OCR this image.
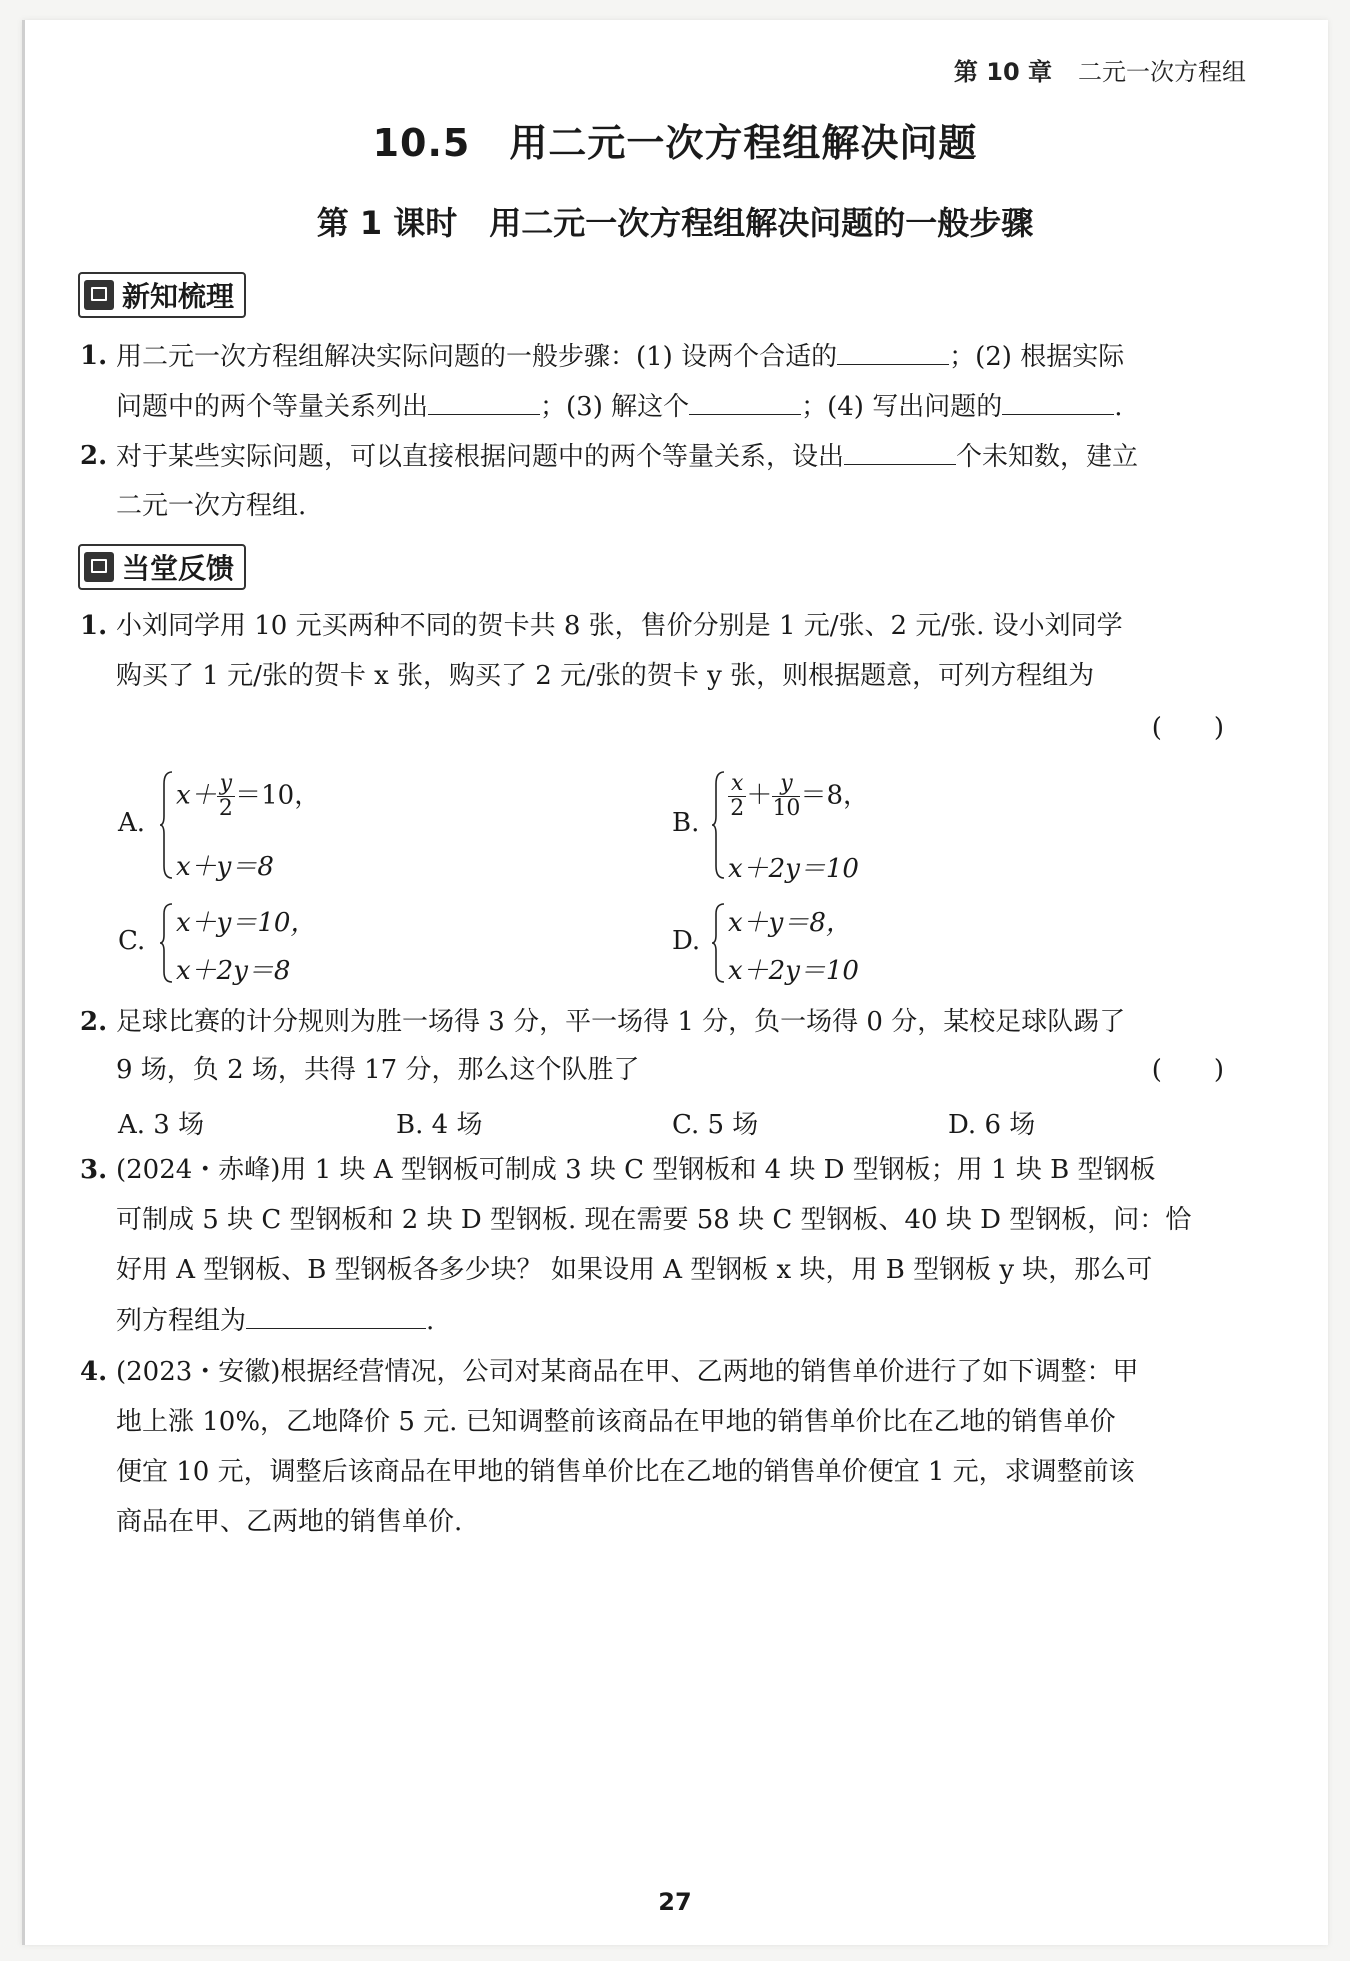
第 10 章 二元一次方程组
10.5　用二元一次方程组解决问题
第 1 课时　用二元一次方程组解决问题的一般步骤
新知梳理
1. 用二元一次方程组解决实际问题的一般步骤：(1) 设两个合适的	；(2) 根据实际
问题中的两个等量关系列出	；(3) 解这个	；(4) 写出问题的	.
2. 对于某些实际问题，可以直接根据问题中的两个等量关系，设出	个未知数，建立
二元一次方程组.
当堂反馈
1. 小刘同学用 10 元买两种不同的贺卡共 8 张，售价分别是 1 元/张、2 元/张. 设小刘同学
购买了 1 元/张的贺卡 x 张，购买了 2 元/张的贺卡 y 张，则根据题意，可列方程组为
(　　)
A.
$x+ \frac{y}{2} =10$，
x＋y＝8
B.
$\frac{x}{2} + \frac{y}{10} =8$，
x＋2y＝10
C.
x＋y＝10，
x＋2y＝8
D.
x＋y＝8，
x＋2y＝10
2. 足球比赛的计分规则为胜一场得 3 分，平一场得 1 分，负一场得 0 分，某校足球队踢了
9 场，负 2 场，共得 17 分，那么这个队胜了	(　　)
A. 3 场	B. 4 场	C. 5 场	D. 6 场
3. (2024・赤峰)用 1 块 A 型钢板可制成 3 块 C 型钢板和 4 块 D 型钢板；用 1 块 B 型钢板
可制成 5 块 C 型钢板和 2 块 D 型钢板. 现在需要 58 块 C 型钢板、40 块 D 型钢板，问：恰
好用 A 型钢板、B 型钢板各多少块？ 如果设用 A 型钢板 x 块，用 B 型钢板 y 块，那么可
列方程组为	.
4. (2023・安徽)根据经营情况，公司对某商品在甲、乙两地的销售单价进行了如下调整：甲
地上涨 10%，乙地降价 5 元. 已知调整前该商品在甲地的销售单价比在乙地的销售单价
便宜 10 元，调整后该商品在甲地的销售单价比在乙地的销售单价便宜 1 元，求调整前该
商品在甲、乙两地的销售单价.
27
